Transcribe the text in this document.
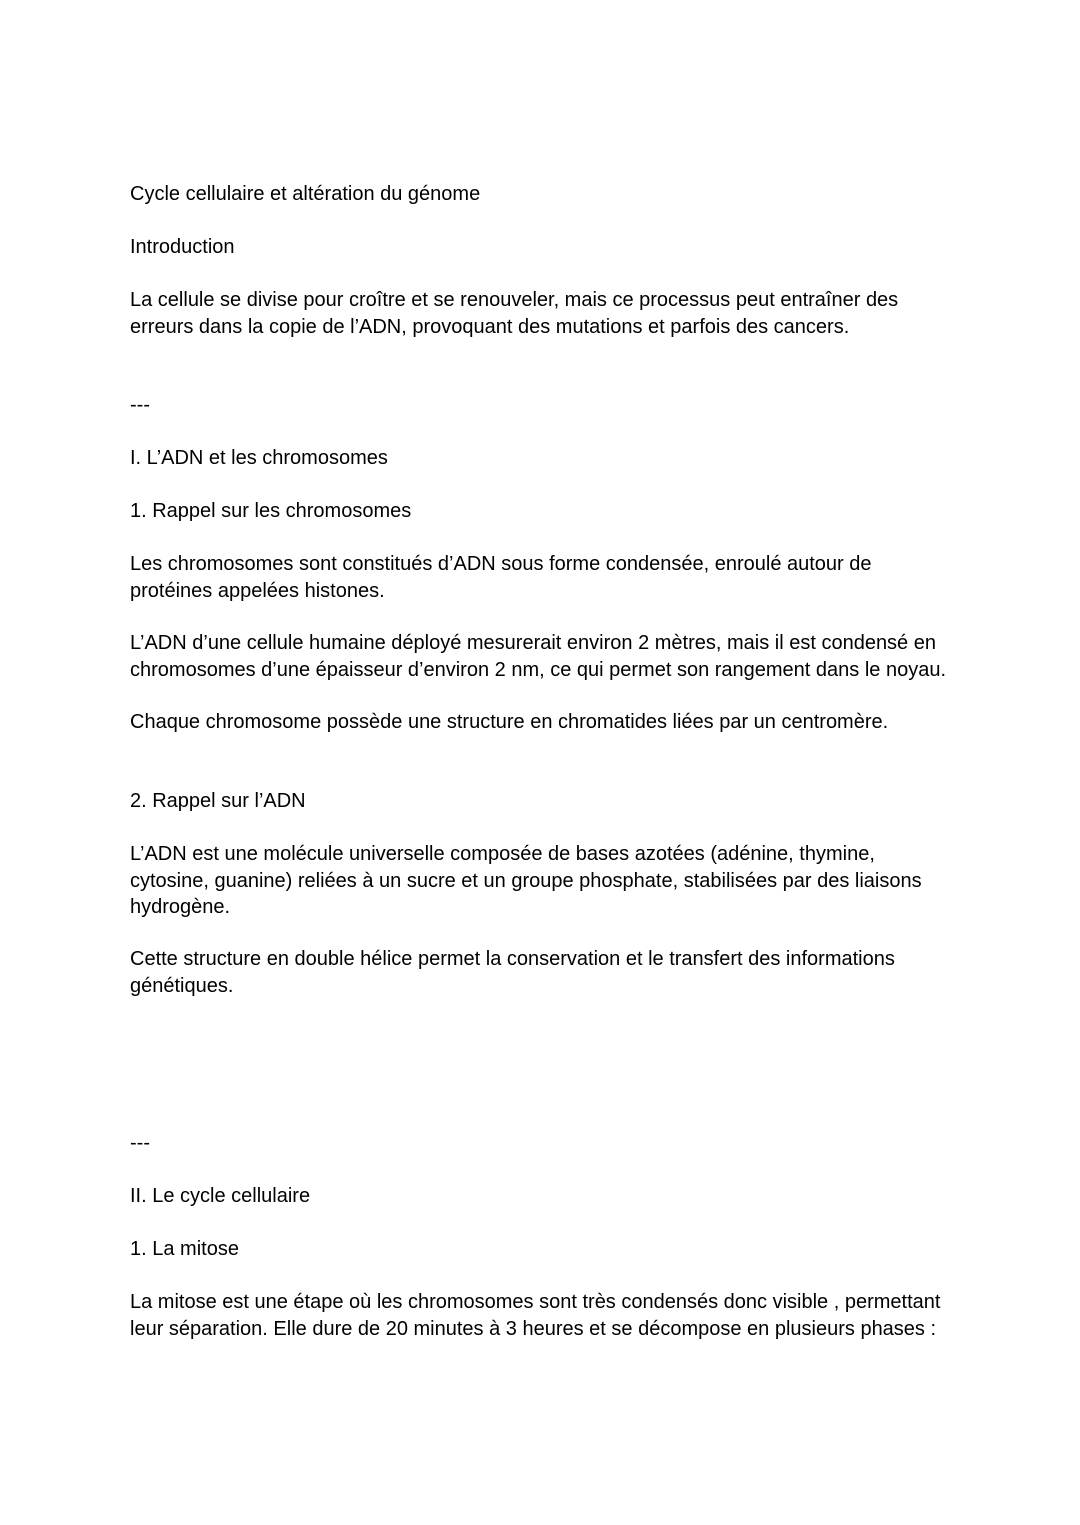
Cycle cellulaire et altération du génome

Introduction

La cellule se divise pour croître et se renouveler, mais ce processus peut entraîner des erreurs dans la copie de l’ADN, provoquant des mutations et parfois des cancers.

---

I. L’ADN et les chromosomes

1. Rappel sur les chromosomes

Les chromosomes sont constitués d’ADN sous forme condensée, enroulé autour de protéines appelées histones.

L’ADN d’une cellule humaine déployé mesurerait environ 2 mètres, mais il est condensé en chromosomes d’une épaisseur d’environ 2 nm, ce qui permet son rangement dans le noyau.

Chaque chromosome possède une structure en chromatides liées par un centromère.

2. Rappel sur l’ADN

L’ADN est une molécule universelle composée de bases azotées (adénine, thymine, cytosine, guanine) reliées à un sucre et un groupe phosphate, stabilisées par des liaisons hydrogène.

Cette structure en double hélice permet la conservation et le transfert des informations génétiques.

---

II. Le cycle cellulaire

1. La mitose

La mitose est une étape où les chromosomes sont très condensés donc visible , permettant leur séparation. Elle dure de 20 minutes à 3 heures et se décompose en plusieurs phases :
